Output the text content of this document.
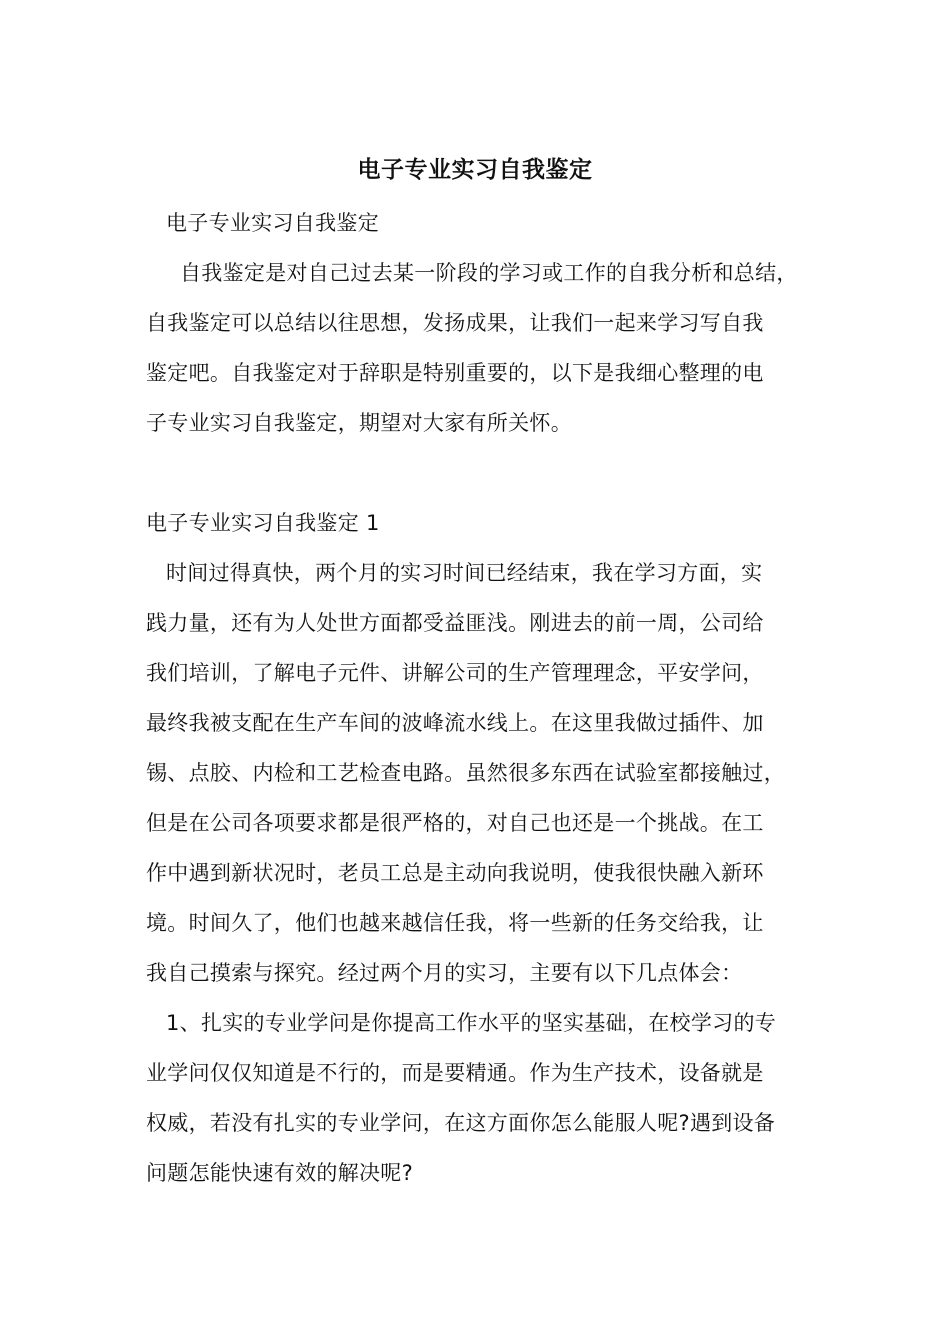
电子专业实习自我鉴定
电子专业实习自我鉴定
自我鉴定是对自己过去某一阶段的学习或工作的自我分析和总结，
自我鉴定可以总结以往思想，发扬成果，让我们一起来学习写自我
鉴定吧。自我鉴定对于辞职是特别重要的，以下是我细心整理的电
子专业实习自我鉴定，期望对大家有所关怀。
电子专业实习自我鉴定 1
时间过得真快，两个月的实习时间已经结束，我在学习方面，实
践力量，还有为人处世方面都受益匪浅。刚进去的前一周，公司给
我们培训，了解电子元件、讲解公司的生产管理理念，平安学问，
最终我被支配在生产车间的波峰流水线上。在这里我做过插件、加
锡、点胶、内检和工艺检查电路。虽然很多东西在试验室都接触过，
但是在公司各项要求都是很严格的，对自己也还是一个挑战。在工
作中遇到新状况时，老员工总是主动向我说明，使我很快融入新环
境。时间久了，他们也越来越信任我，将一些新的任务交给我，让
我自己摸索与探究。经过两个月的实习，主要有以下几点体会：
1、扎实的专业学问是你提高工作水平的坚实基础，在校学习的专
业学问仅仅知道是不行的，而是要精通。作为生产技术，设备就是
权威，若没有扎实的专业学问，在这方面你怎么能服人呢?遇到设备
问题怎能快速有效的解决呢?
